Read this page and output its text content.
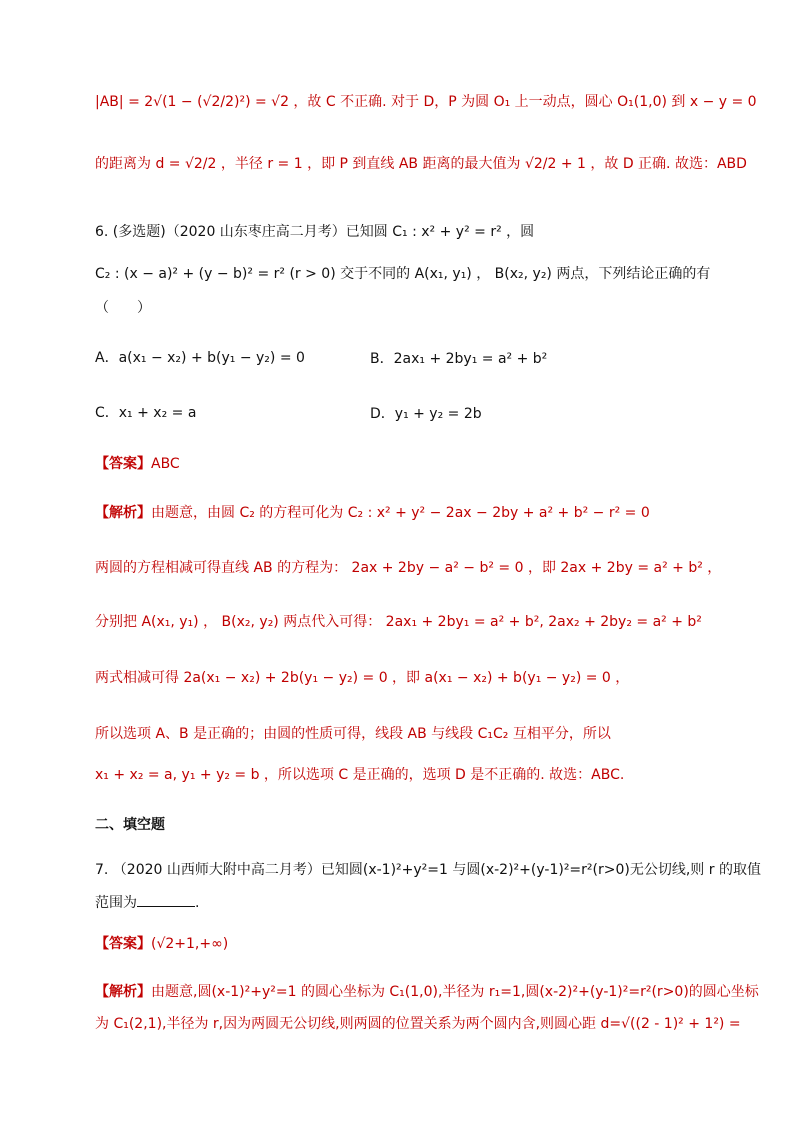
|AB| = 2√(1 − (√2/2)²) = √2 ，故 C 不正确. 对于 D，P 为圆 O₁ 上一动点，圆心 O₁(1,0) 到 x − y = 0
的距离为 d = √2/2 ，半径 r = 1 ，即 P 到直线 AB 距离的最大值为 √2/2 + 1 ，故 D 正确. 故选：ABD
6. (多选题)（2020 山东枣庄高二月考）已知圆 C₁ : x² + y² = r² ，圆
C₂ : (x − a)² + (y − b)² = r² (r > 0) 交于不同的 A(x₁, y₁) ， B(x₂, y₂) 两点，下列结论正确的有
（　　）
A．a(x₁ − x₂) + b(y₁ − y₂) = 0	B．2ax₁ + 2by₁ = a² + b²
C．x₁ + x₂ = a	D．y₁ + y₂ = 2b
【答案】ABC
【解析】由题意，由圆 C₂ 的方程可化为 C₂ : x² + y² − 2ax − 2by + a² + b² − r² = 0
两圆的方程相减可得直线 AB 的方程为： 2ax + 2by − a² − b² = 0 ，即 2ax + 2by = a² + b² ，
分别把 A(x₁, y₁) ， B(x₂, y₂) 两点代入可得： 2ax₁ + 2by₁ = a² + b², 2ax₂ + 2by₂ = a² + b²
两式相减可得 2a(x₁ − x₂) + 2b(y₁ − y₂) = 0 ，即 a(x₁ − x₂) + b(y₁ − y₂) = 0 ，
所以选项 A、B 是正确的；由圆的性质可得，线段 AB 与线段 C₁C₂ 互相平分，所以
x₁ + x₂ = a, y₁ + y₂ = b ，所以选项 C 是正确的，选项 D 是不正确的. 故选：ABC.
二、填空题
7. （2020 山西师大附中高二月考）已知圆(x-1)²+y²=1 与圆(x-2)²+(y-1)²=r²(r>0)无公切线,则 r 的取值
范围为	.
【答案】(√2+1,+∞)
【解析】由题意,圆(x-1)²+y²=1 的圆心坐标为 C₁(1,0),半径为 r₁=1,圆(x-2)²+(y-1)²=r²(r>0)的圆心坐标
为 C₁(2,1),半径为 r,因为两圆无公切线,则两圆的位置关系为两个圆内含,则圆心距 d=√((2 - 1)² + 1²) =
